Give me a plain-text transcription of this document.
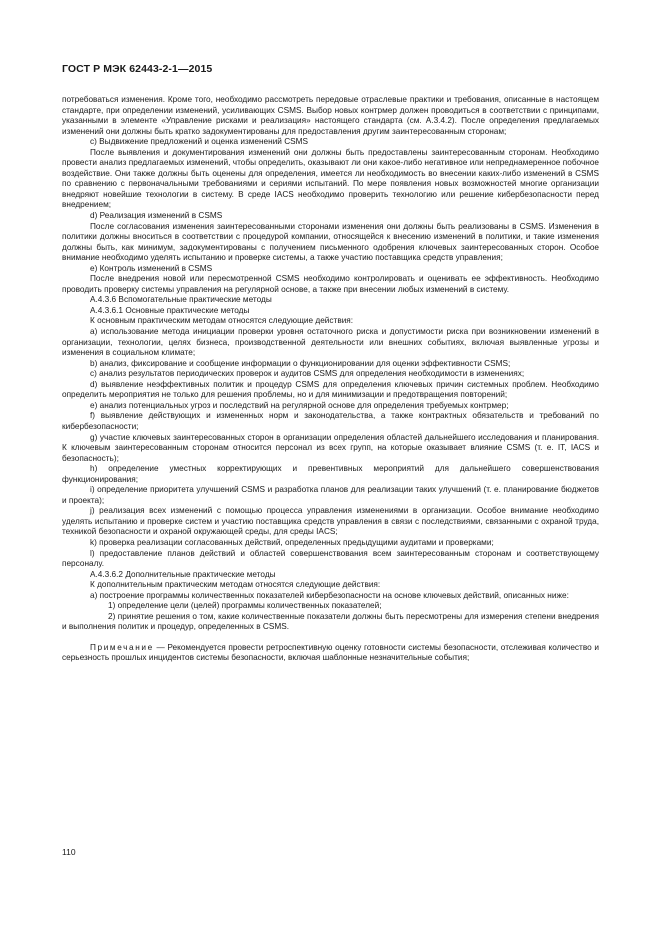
ГОСТ Р МЭК 62443-2-1—2015

потребоваться изменения. Кроме того, необходимо рассмотреть передовые отраслевые практики и требования, описанные в настоящем стандарте, при определении изменений, усиливающих CSMS. Выбор новых контрмер должен проводиться в соответствии с принципами, указанными в элементе «Управление рисками и реализация» настоящего стандарта (см. А.3.4.2). После определения предлагаемых изменений они должны быть кратко задокументированы для предоставления другим заинтересованным сторонам;

c) Выдвижение предложений и оценка изменений CSMS

После выявления и документирования изменений они должны быть предоставлены заинтересованным сторонам. Необходимо провести анализ предлагаемых изменений, чтобы определить, оказывают ли они какое-либо негативное или непреднамеренное побочное воздействие. Они также должны быть оценены для определения, имеется ли необходимость во внесении каких-либо изменений в CSMS по сравнению с первоначальными требованиями и сериями испытаний. По мере появления новых возможностей многие организации внедряют новейшие технологии в систему. В среде IACS необходимо проверить технологию или решение кибербезопасности перед внедрением;

d) Реализация изменений в CSMS

После согласования изменения заинтересованными сторонами изменения они должны быть реализованы в CSMS. Изменения в политики должны вноситься в соответствии с процедурой компании, относящейся к внесению изменений в политики, и такие изменения должны быть, как минимум, задокументированы с получением письменного одобрения ключевых заинтересованных сторон. Особое внимание необходимо уделять испытанию и проверке системы, а также участию поставщика средств управления;

e) Контроль изменений в CSMS

После внедрения новой или пересмотренной CSMS необходимо контролировать и оценивать ее эффективность. Необходимо проводить проверку системы управления на регулярной основе, а также при внесении любых изменений в систему.

А.4.3.6 Вспомогательные практические методы

А.4.3.6.1 Основные практические методы

К основным практическим методам относятся следующие действия:

a) использование метода инициации проверки уровня остаточного риска и допустимости риска при возникновении изменений в организации, технологии, целях бизнеса, производственной деятельности или внешних событиях, включая выявленные угрозы и изменения в социальном климате;

b) анализ, фиксирование и сообщение информации о функционировании для оценки эффективности CSMS;

c) анализ результатов периодических проверок и аудитов CSMS для определения необходимости в изменениях;

d) выявление неэффективных политик и процедур CSMS для определения ключевых причин системных проблем. Необходимо определить мероприятия не только для решения проблемы, но и для минимизации и предотвращения повторений;

e) анализ потенциальных угроз и последствий на регулярной основе для определения требуемых контрмер;

f) выявление действующих и измененных норм и законодательства, а также контрактных обязательств и требований по кибербезопасности;

g) участие ключевых заинтересованных сторон в организации определения областей дальнейшего исследования и планирования. К ключевым заинтересованным сторонам относится персонал из всех групп, на которые оказывает влияние CSMS (т. е. IT, IACS и безопасность);

h) определение уместных корректирующих и превентивных мероприятий для дальнейшего совершенствования функционирования;

i) определение приоритета улучшений CSMS и разработка планов для реализации таких улучшений (т. е. планирование бюджетов и проекта);

j) реализация всех изменений с помощью процесса управления изменениями в организации. Особое внимание необходимо уделять испытанию и проверке систем и участию поставщика средств управления в связи с последствиями, связанными с охраной труда, техникой безопасности и охраной окружающей среды, для среды IACS;

k) проверка реализации согласованных действий, определенных предыдущими аудитами и проверками;

l) предоставление планов действий и областей совершенствования всем заинтересованным сторонам и соответствующему персоналу.

А.4.3.6.2 Дополнительные практические методы

К дополнительным практическим методам относятся следующие действия:

a) построение программы количественных показателей кибербезопасности на основе ключевых действий, описанных ниже:

1) определение цели (целей) программы количественных показателей;

2) принятие решения о том, какие количественные показатели должны быть пересмотрены для измерения степени внедрения и выполнения политик и процедур, определенных в CSMS.

Примечание — Рекомендуется провести ретроспективную оценку готовности системы безопасности, отслеживая количество и серьезность прошлых инцидентов системы безопасности, включая шаблонные незначительные события;

110
